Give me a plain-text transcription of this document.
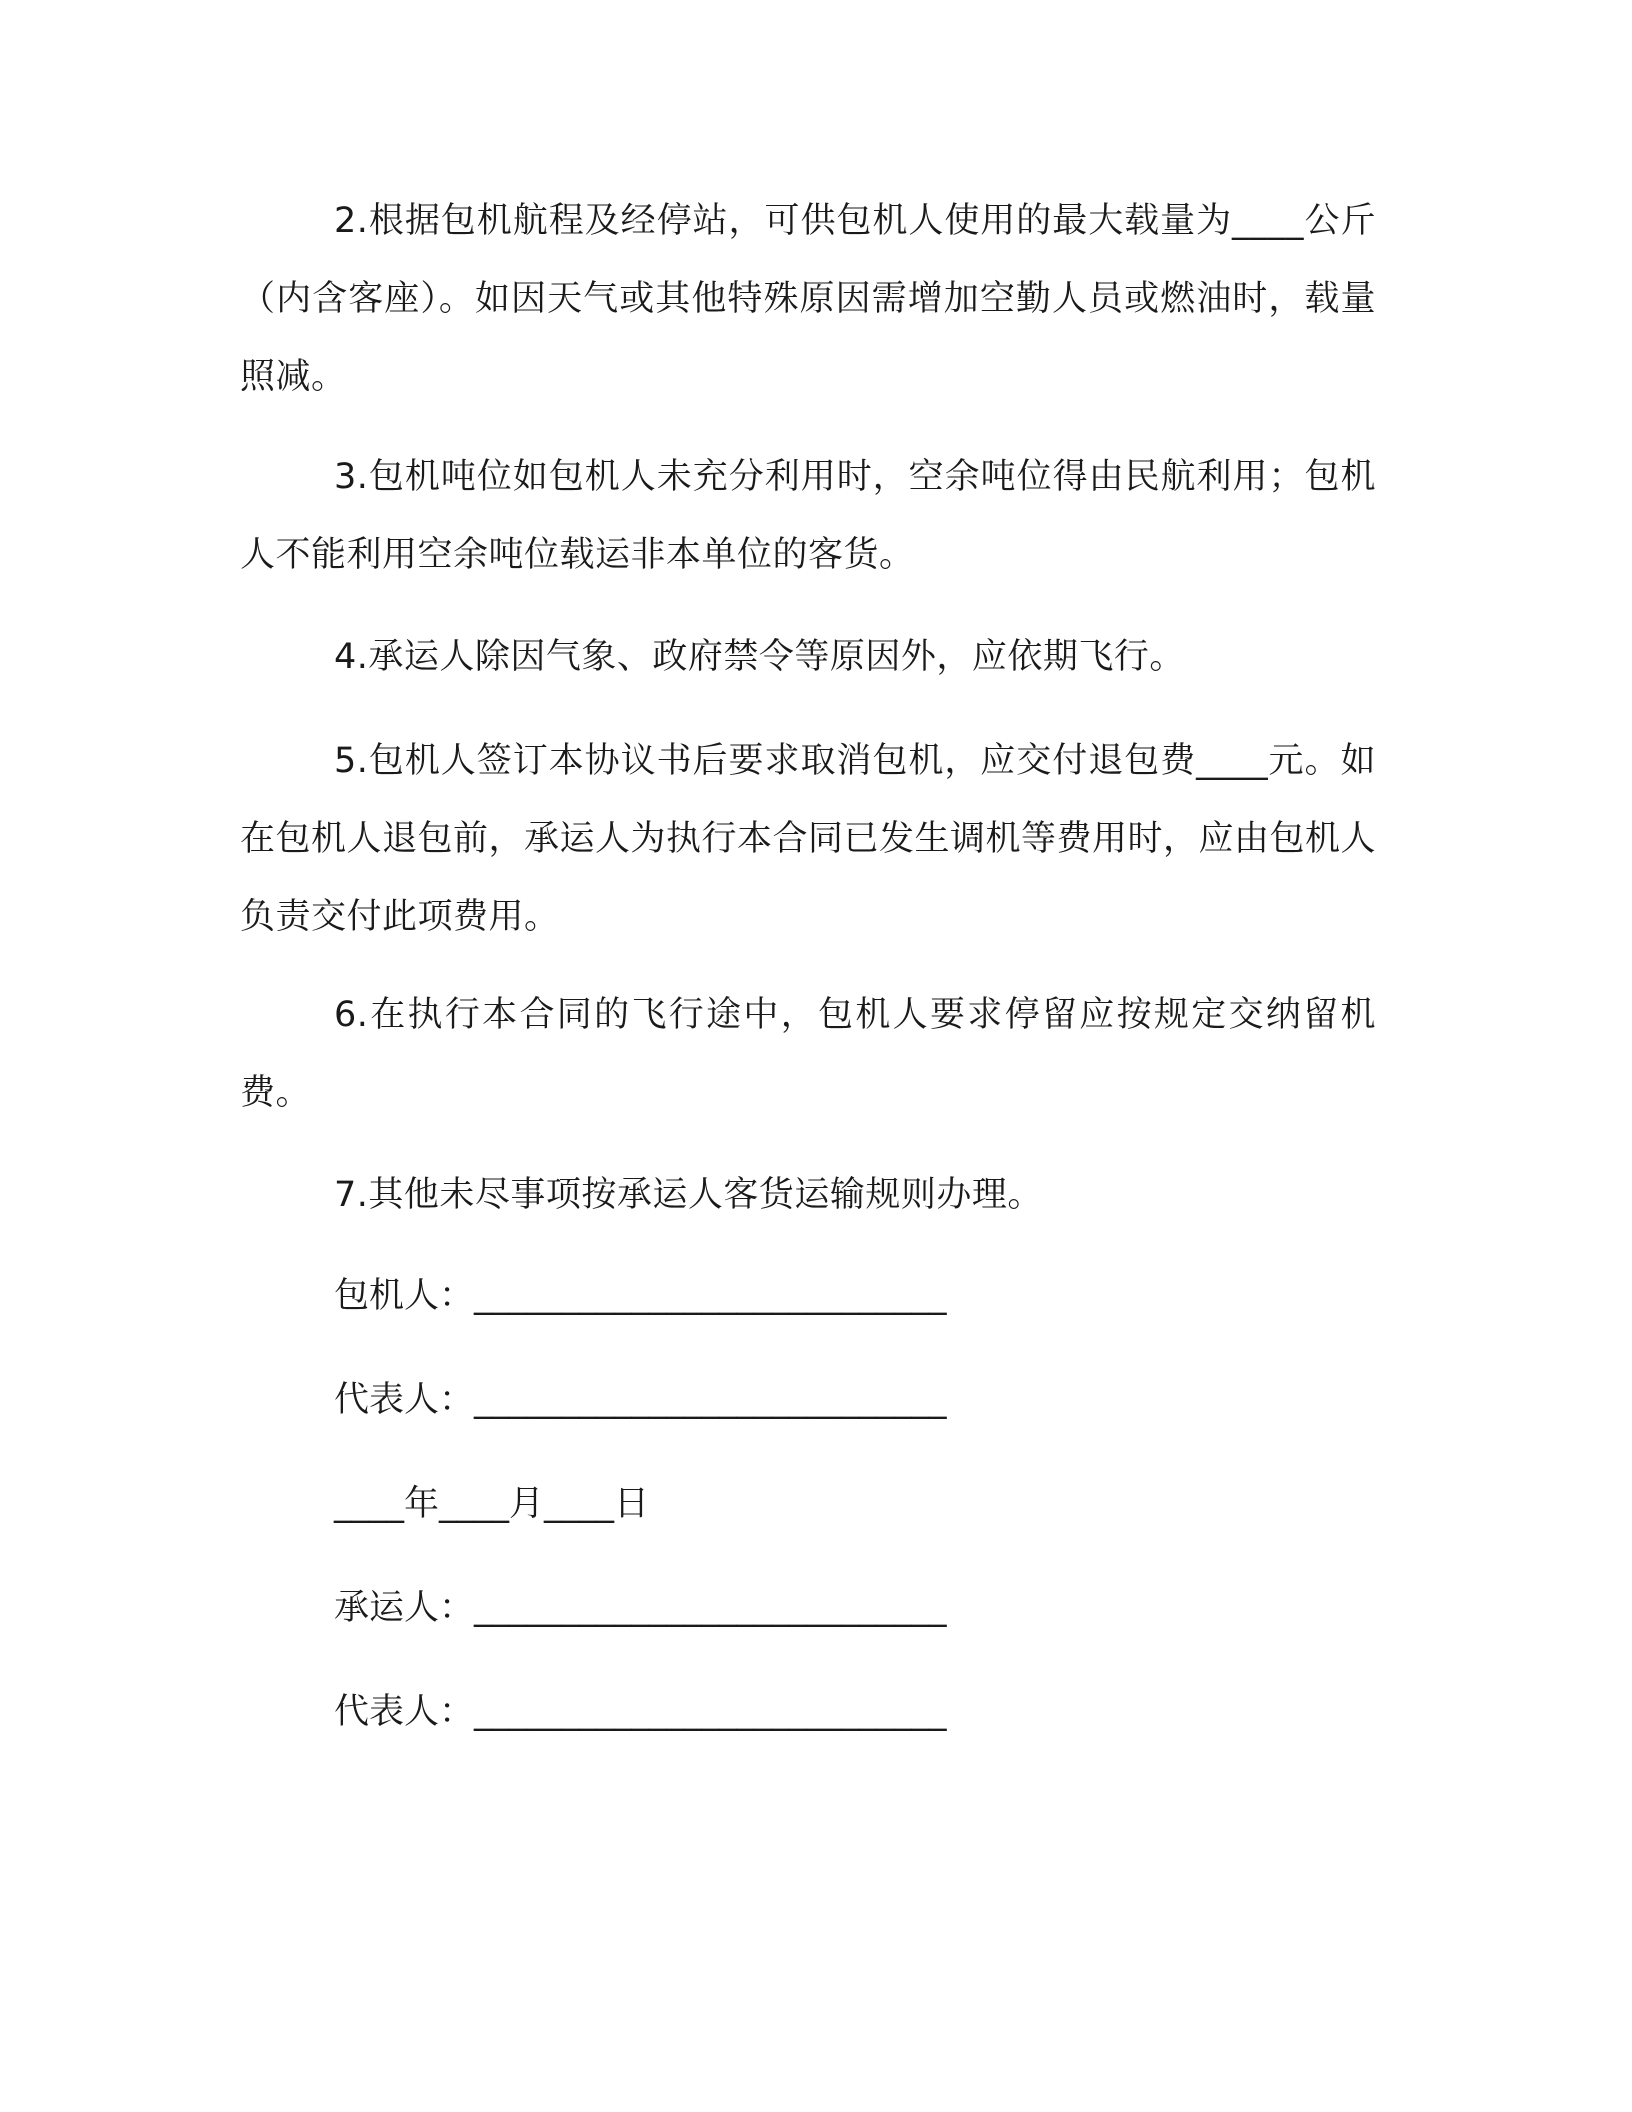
2.根据包机航程及经停站，可供包机人使用的最大载量为____公斤（内含客座）。如因天气或其他特殊原因需增加空勤人员或燃油时，载量照减。

3.包机吨位如包机人未充分利用时，空余吨位得由民航利用；包机人不能利用空余吨位载运非本单位的客货。

4.承运人除因气象、政府禁令等原因外，应依期飞行。

5.包机人签订本协议书后要求取消包机，应交付退包费____元。如在包机人退包前，承运人为执行本合同已发生调机等费用时，应由包机人负责交付此项费用。

6.在执行本合同的飞行途中，包机人要求停留应按规定交纳留机费。

7.其他未尽事项按承运人客货运输规则办理。

包机人：___________________________
代表人：___________________________
____年____月____日
承运人：___________________________
代表人：___________________________
